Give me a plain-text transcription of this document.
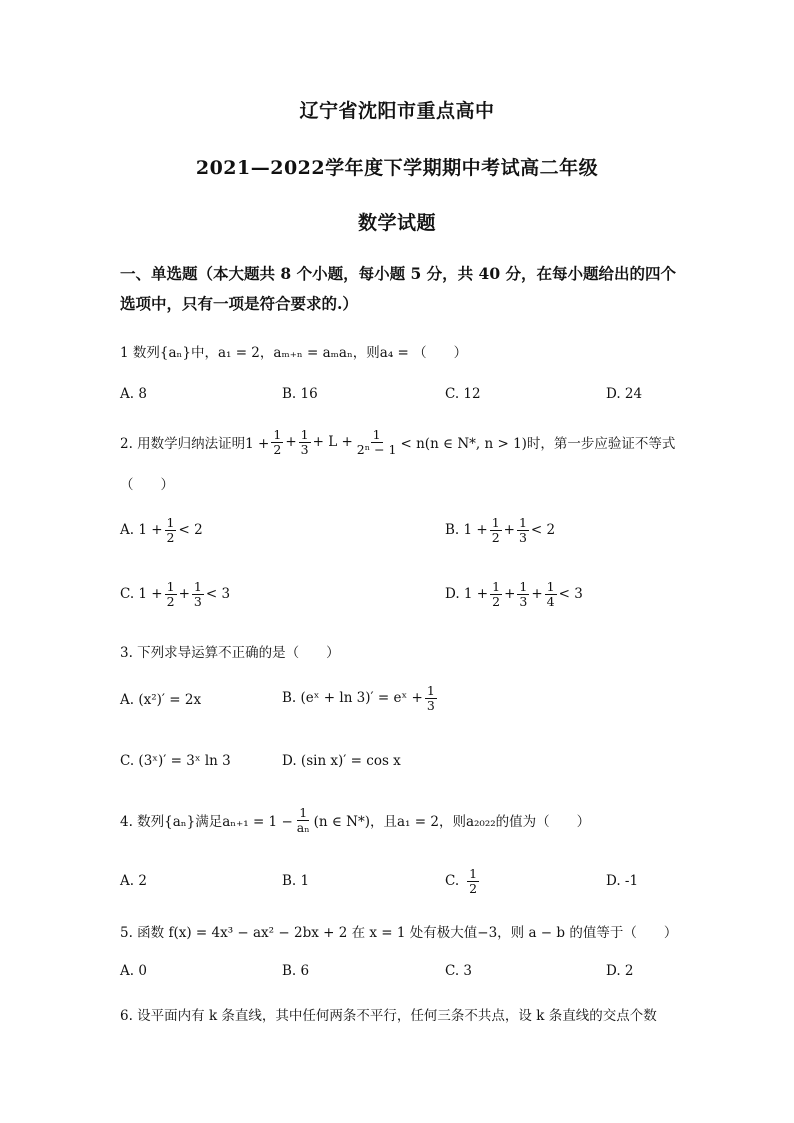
辽宁省沈阳市重点高中
2021—2022学年度下学期期中考试高二年级
数学试题
一、单选题（本大题共 8 个小题，每小题 5 分，共 40 分，在每小题给出的四个
选项中，只有一项是符合要求的.）
1 数列{aₙ}中，a₁ = 2，aₘ₊ₙ = aₘaₙ，则a₄ = （　　）
A. 8	B. 16	C. 12	D. 24
2. 用数学归纳法证明$1 + \frac{1}{2} + \frac{1}{3} + L + \frac{1}{\text{2ⁿ − 1}} < n(n$ ∈ N*, n > 1)时，第一步应验证不等式
（　　）
A. $1 + \frac{1}{2} < 2$	B. $1 + \frac{1}{2} + \frac{1}{3} < 2$
C. $1 + \frac{1}{2} + \frac{1}{3} < 3$	D. $1 + \frac{1}{2} + \frac{1}{3} + \frac{1}{4} < 3$
3. 下列求导运算不正确的是（　　）
A. (x²)′ = 2x	B. (eˣ + ln 3)′ = eˣ + $\frac{1}{3}$
C. (3ˣ)′ = 3ˣ ln 3	D. (sin x)′ = cos x
4. 数列{aₙ}满足$a_{n+1} = 1 - \frac{1}{\text{aₙ}} (n$ ∈ N*)，且a₁ = 2，则a₂₀₂₂的值为（　　）
A. 2	B. 1	C. $\frac{1}{2}$	D. -1
5. 函数 f(x) = 4x³ − ax² − 2bx + 2 在 x = 1 处有极大值−3，则 a − b 的值等于（　　）
A. 0	B. 6	C. 3	D. 2
6. 设平面内有 k 条直线，其中任何两条不平行，任何三条不共点，设 k 条直线的交点个数
